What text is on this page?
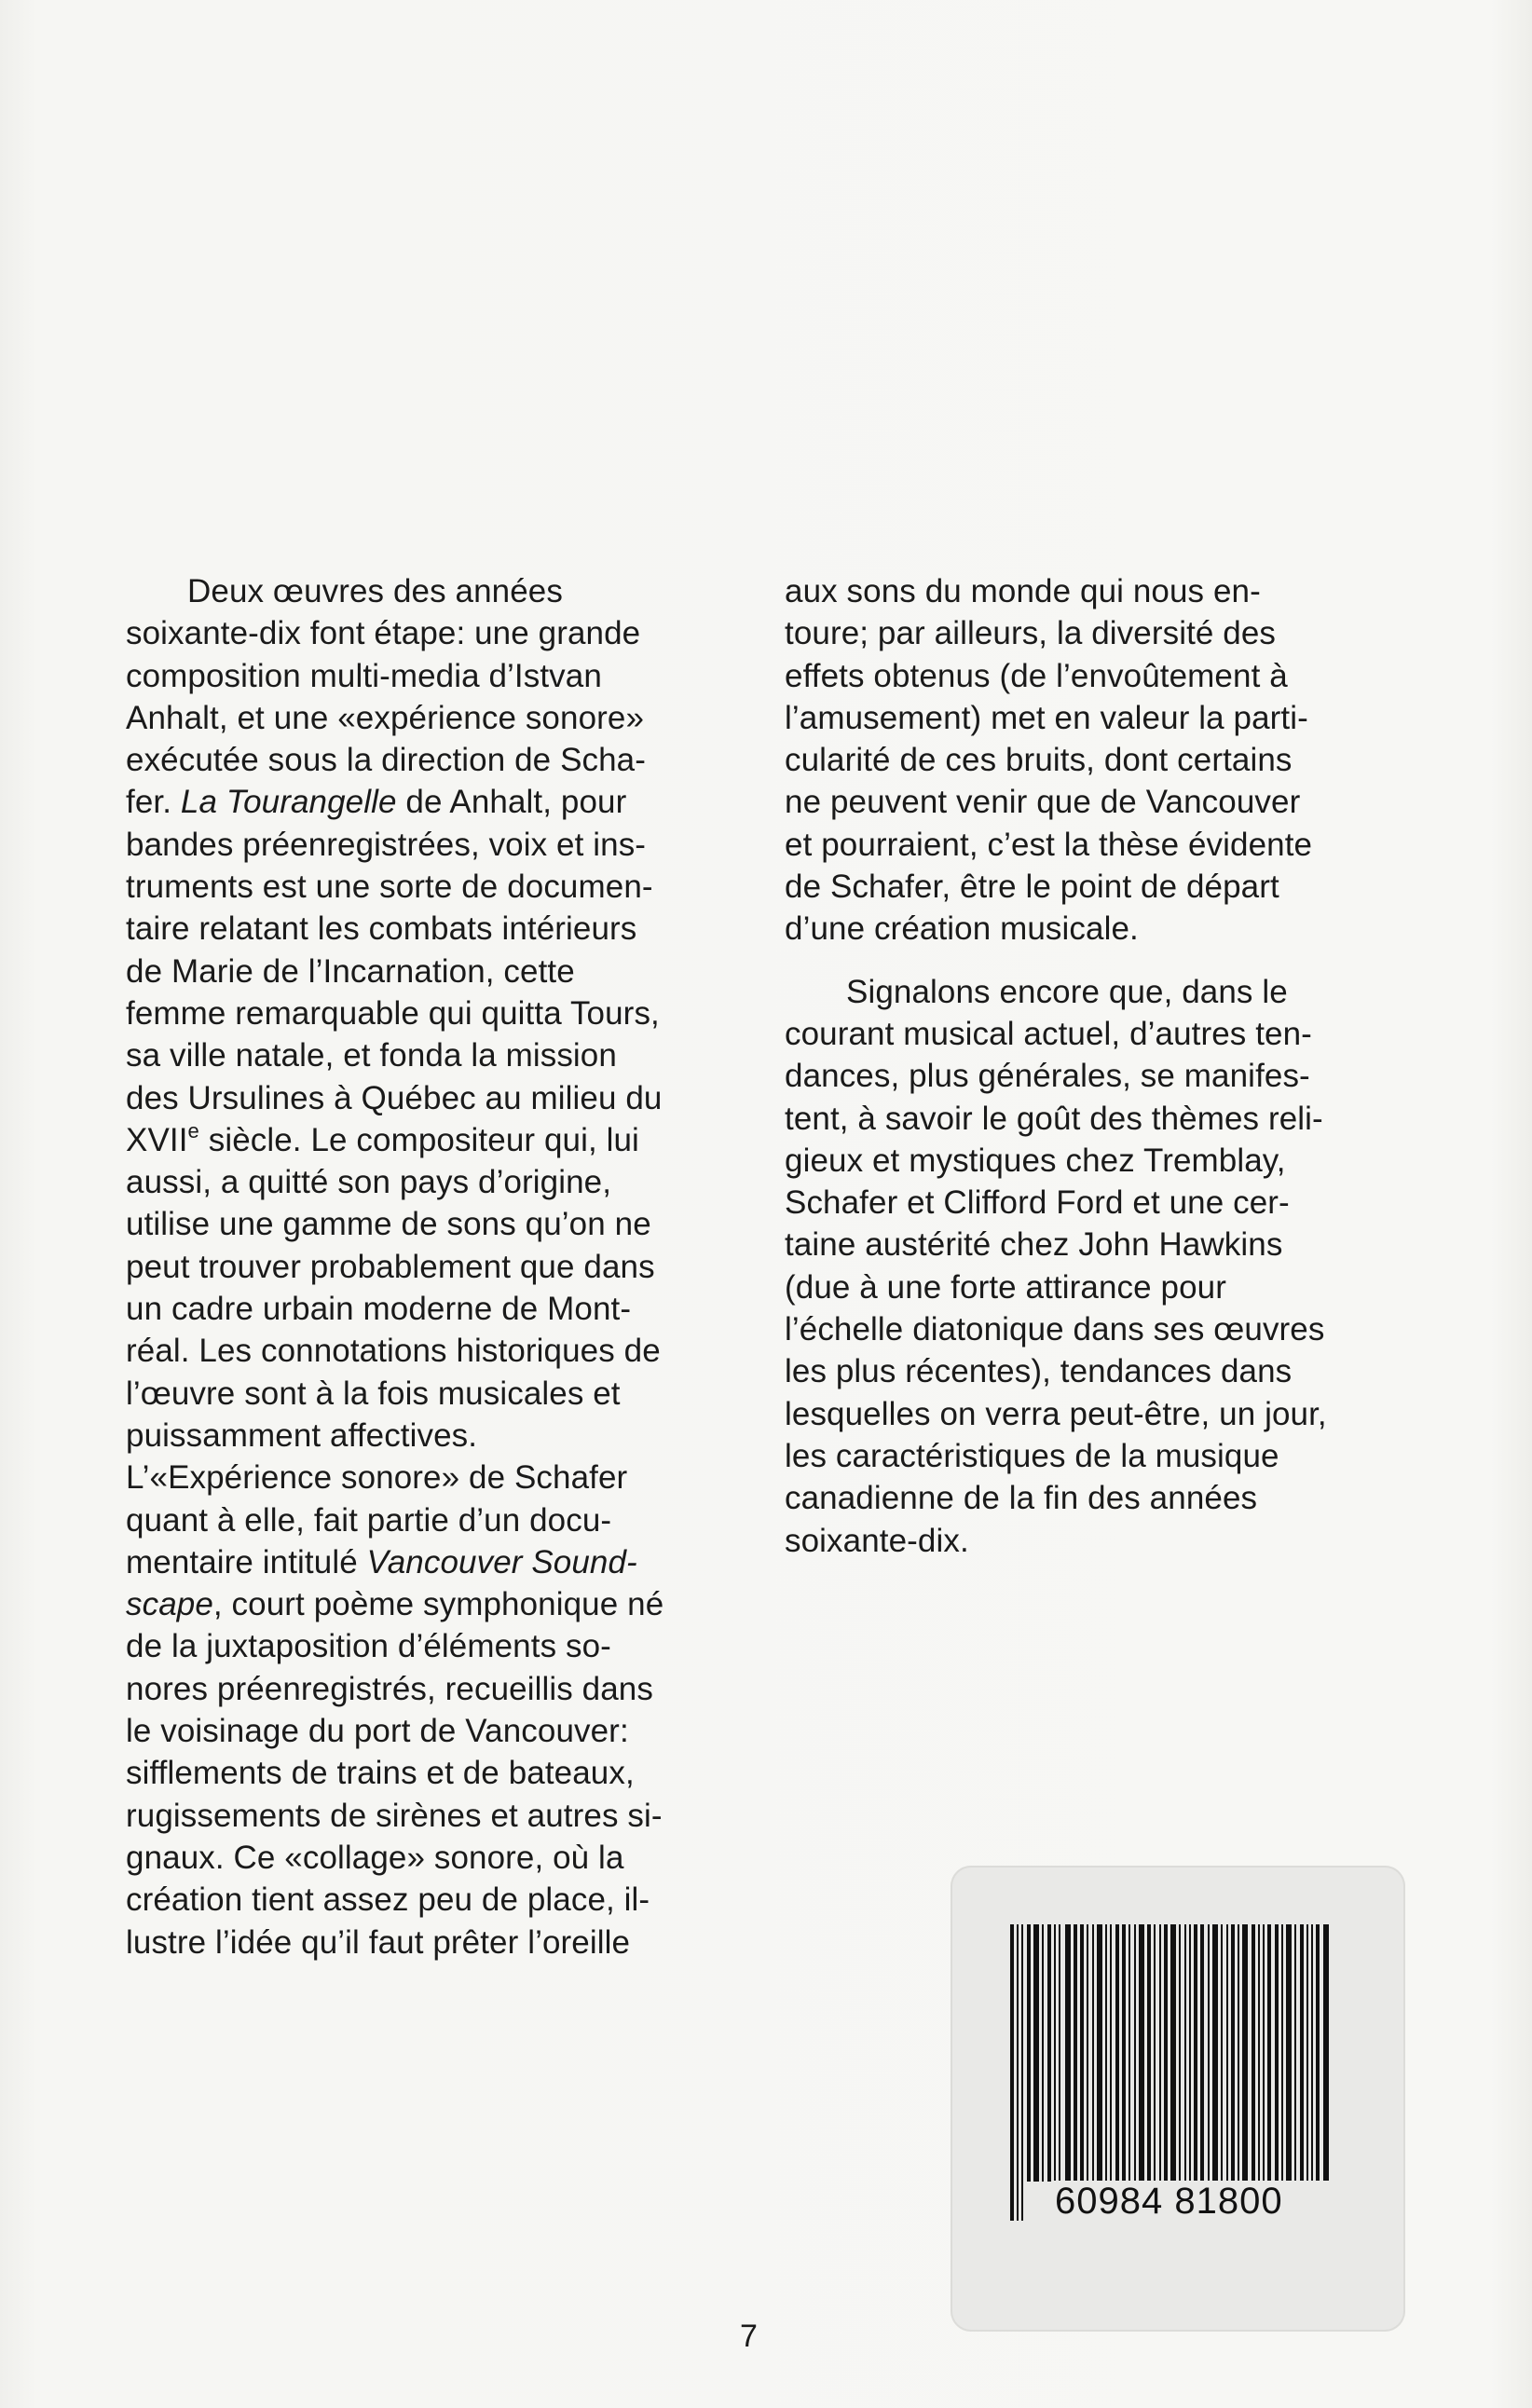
Deux œuvres des années
soixante-dix font étape: une grande
composition multi-media d’Istvan
Anhalt, et une «expérience sonore»
exécutée sous la direction de Scha-
fer. La Tourangelle de Anhalt, pour
bandes préenregistrées, voix et ins-
truments est une sorte de documen-
taire relatant les combats intérieurs
de Marie de l’Incarnation, cette
femme remarquable qui quitta Tours,
sa ville natale, et fonda la mission
des Ursulines à Québec au milieu du
XVIIe siècle. Le compositeur qui, lui
aussi, a quitté son pays d’origine,
utilise une gamme de sons qu’on ne
peut trouver probablement que dans
un cadre urbain moderne de Mont-
réal. Les connotations historiques de
l’œuvre sont à la fois musicales et
puissamment affectives.
L’«Expérience sonore» de Schafer
quant à elle, fait partie d’un docu-
mentaire intitulé Vancouver Sound-
scape, court poème symphonique né
de la juxtaposition d’éléments so-
nores préenregistrés, recueillis dans
le voisinage du port de Vancouver:
sifflements de trains et de bateaux,
rugissements de sirènes et autres si-
gnaux. Ce «collage» sonore, où la
création tient assez peu de place, il-
lustre l’idée qu’il faut prêter l’oreille
aux sons du monde qui nous en-
toure; par ailleurs, la diversité des
effets obtenus (de l’envoûtement à
l’amusement) met en valeur la parti-
cularité de ces bruits, dont certains
ne peuvent venir que de Vancouver
et pourraient, c’est la thèse évidente
de Schafer, être le point de départ
d’une création musicale.
Signalons encore que, dans le
courant musical actuel, d’autres ten-
dances, plus générales, se manifes-
tent, à savoir le goût des thèmes reli-
gieux et mystiques chez Tremblay,
Schafer et Clifford Ford et une cer-
taine austérité chez John Hawkins
(due à une forte attirance pour
l’échelle diatonique dans ses œuvres
les plus récentes), tendances dans
lesquelles on verra peut-être, un jour,
les caractéristiques de la musique
canadienne de la fin des années
soixante-dix.
60984 81800
7
